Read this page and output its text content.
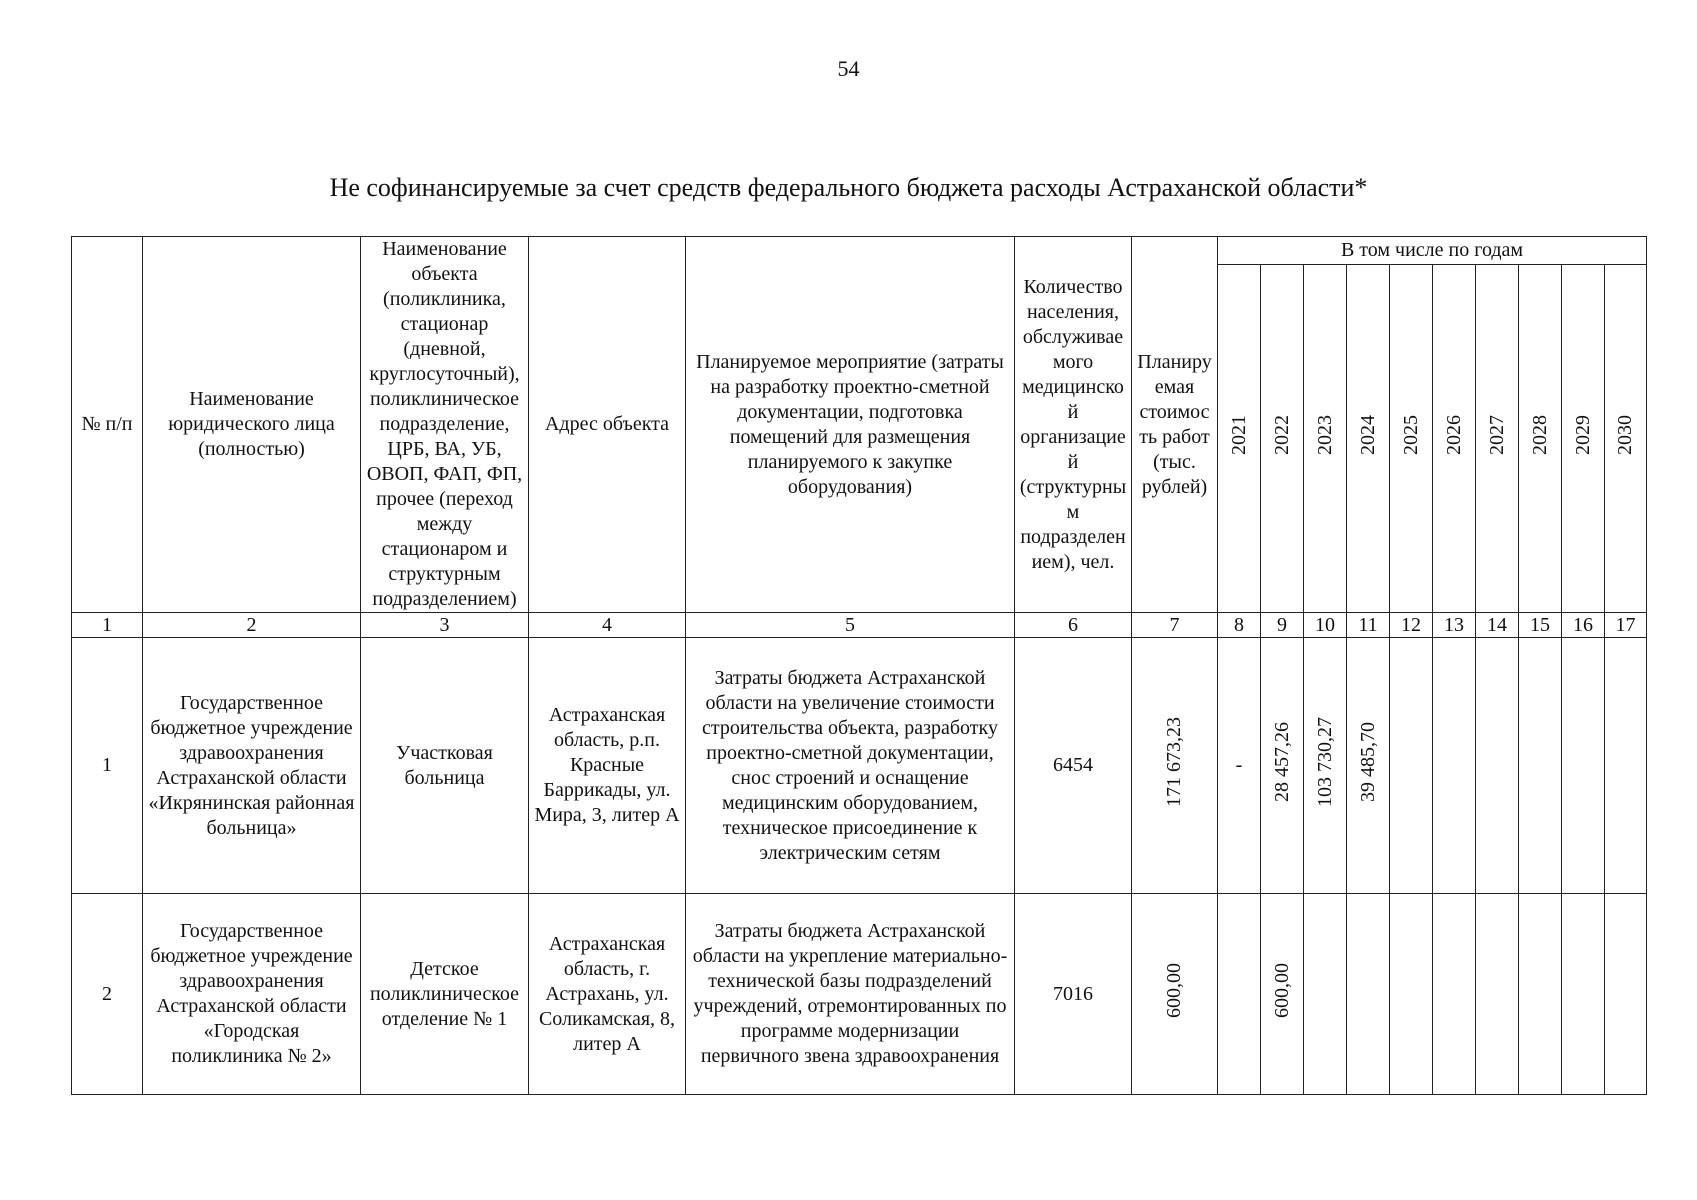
54
Не софинансируемые за счет средств федерального бюджета расходы Астраханской области*
№ п/п	Наименование юридического лица (полностью)	Наименование объекта (поликлиника, стационар (дневной, круглосуточный), поликлиническое подразделение, ЦРБ, ВА, УБ, ОВОП, ФАП, ФП, прочее (переход между стационаром и структурным подразделением)	Адрес объекта	Планируемое мероприятие (затраты на разработку проектно-сметной документации, подготовка помещений для размещения планируемого к закупке оборудования)	Количество населения, обслуживаемого медицинской организацией (структурным подразделением), чел.	Планируемая стоимость работ (тыс. рублей)	В том числе по годам									
							2021	2022	2023	2024	2025	2026	2027	2028	2029	2030
1	2	3	4	5	6	7	8	9	10	11	12	13	14	15	16	17
1	Государственное бюджетное учреждение здравоохранения Астраханской области «Икрянинская районная больница»	Участковая больница	Астраханская область, р.п. Красные Баррикады, ул. Мира, 3, литер А	Затраты бюджета Астраханской области на увеличение стоимости строительства объекта, разработку проектно-сметной документации, снос строений и оснащение медицинским оборудованием, техническое присоединение к электрическим сетям	6454	171 673,23	-	28 457,26	103 730,27	39 485,70						
2	Государственное бюджетное учреждение здравоохранения Астраханской области «Городская поликлиника № 2»	Детское поликлиническое отделение № 1	Астраханская область, г. Астрахань, ул. Соликамская, 8, литер А	Затраты бюджета Астраханской области на укрепление материально-технической базы подразделений учреждений, отремонтированных по программе модернизации первичного звена здравоохранения	7016	600,00		600,00								
